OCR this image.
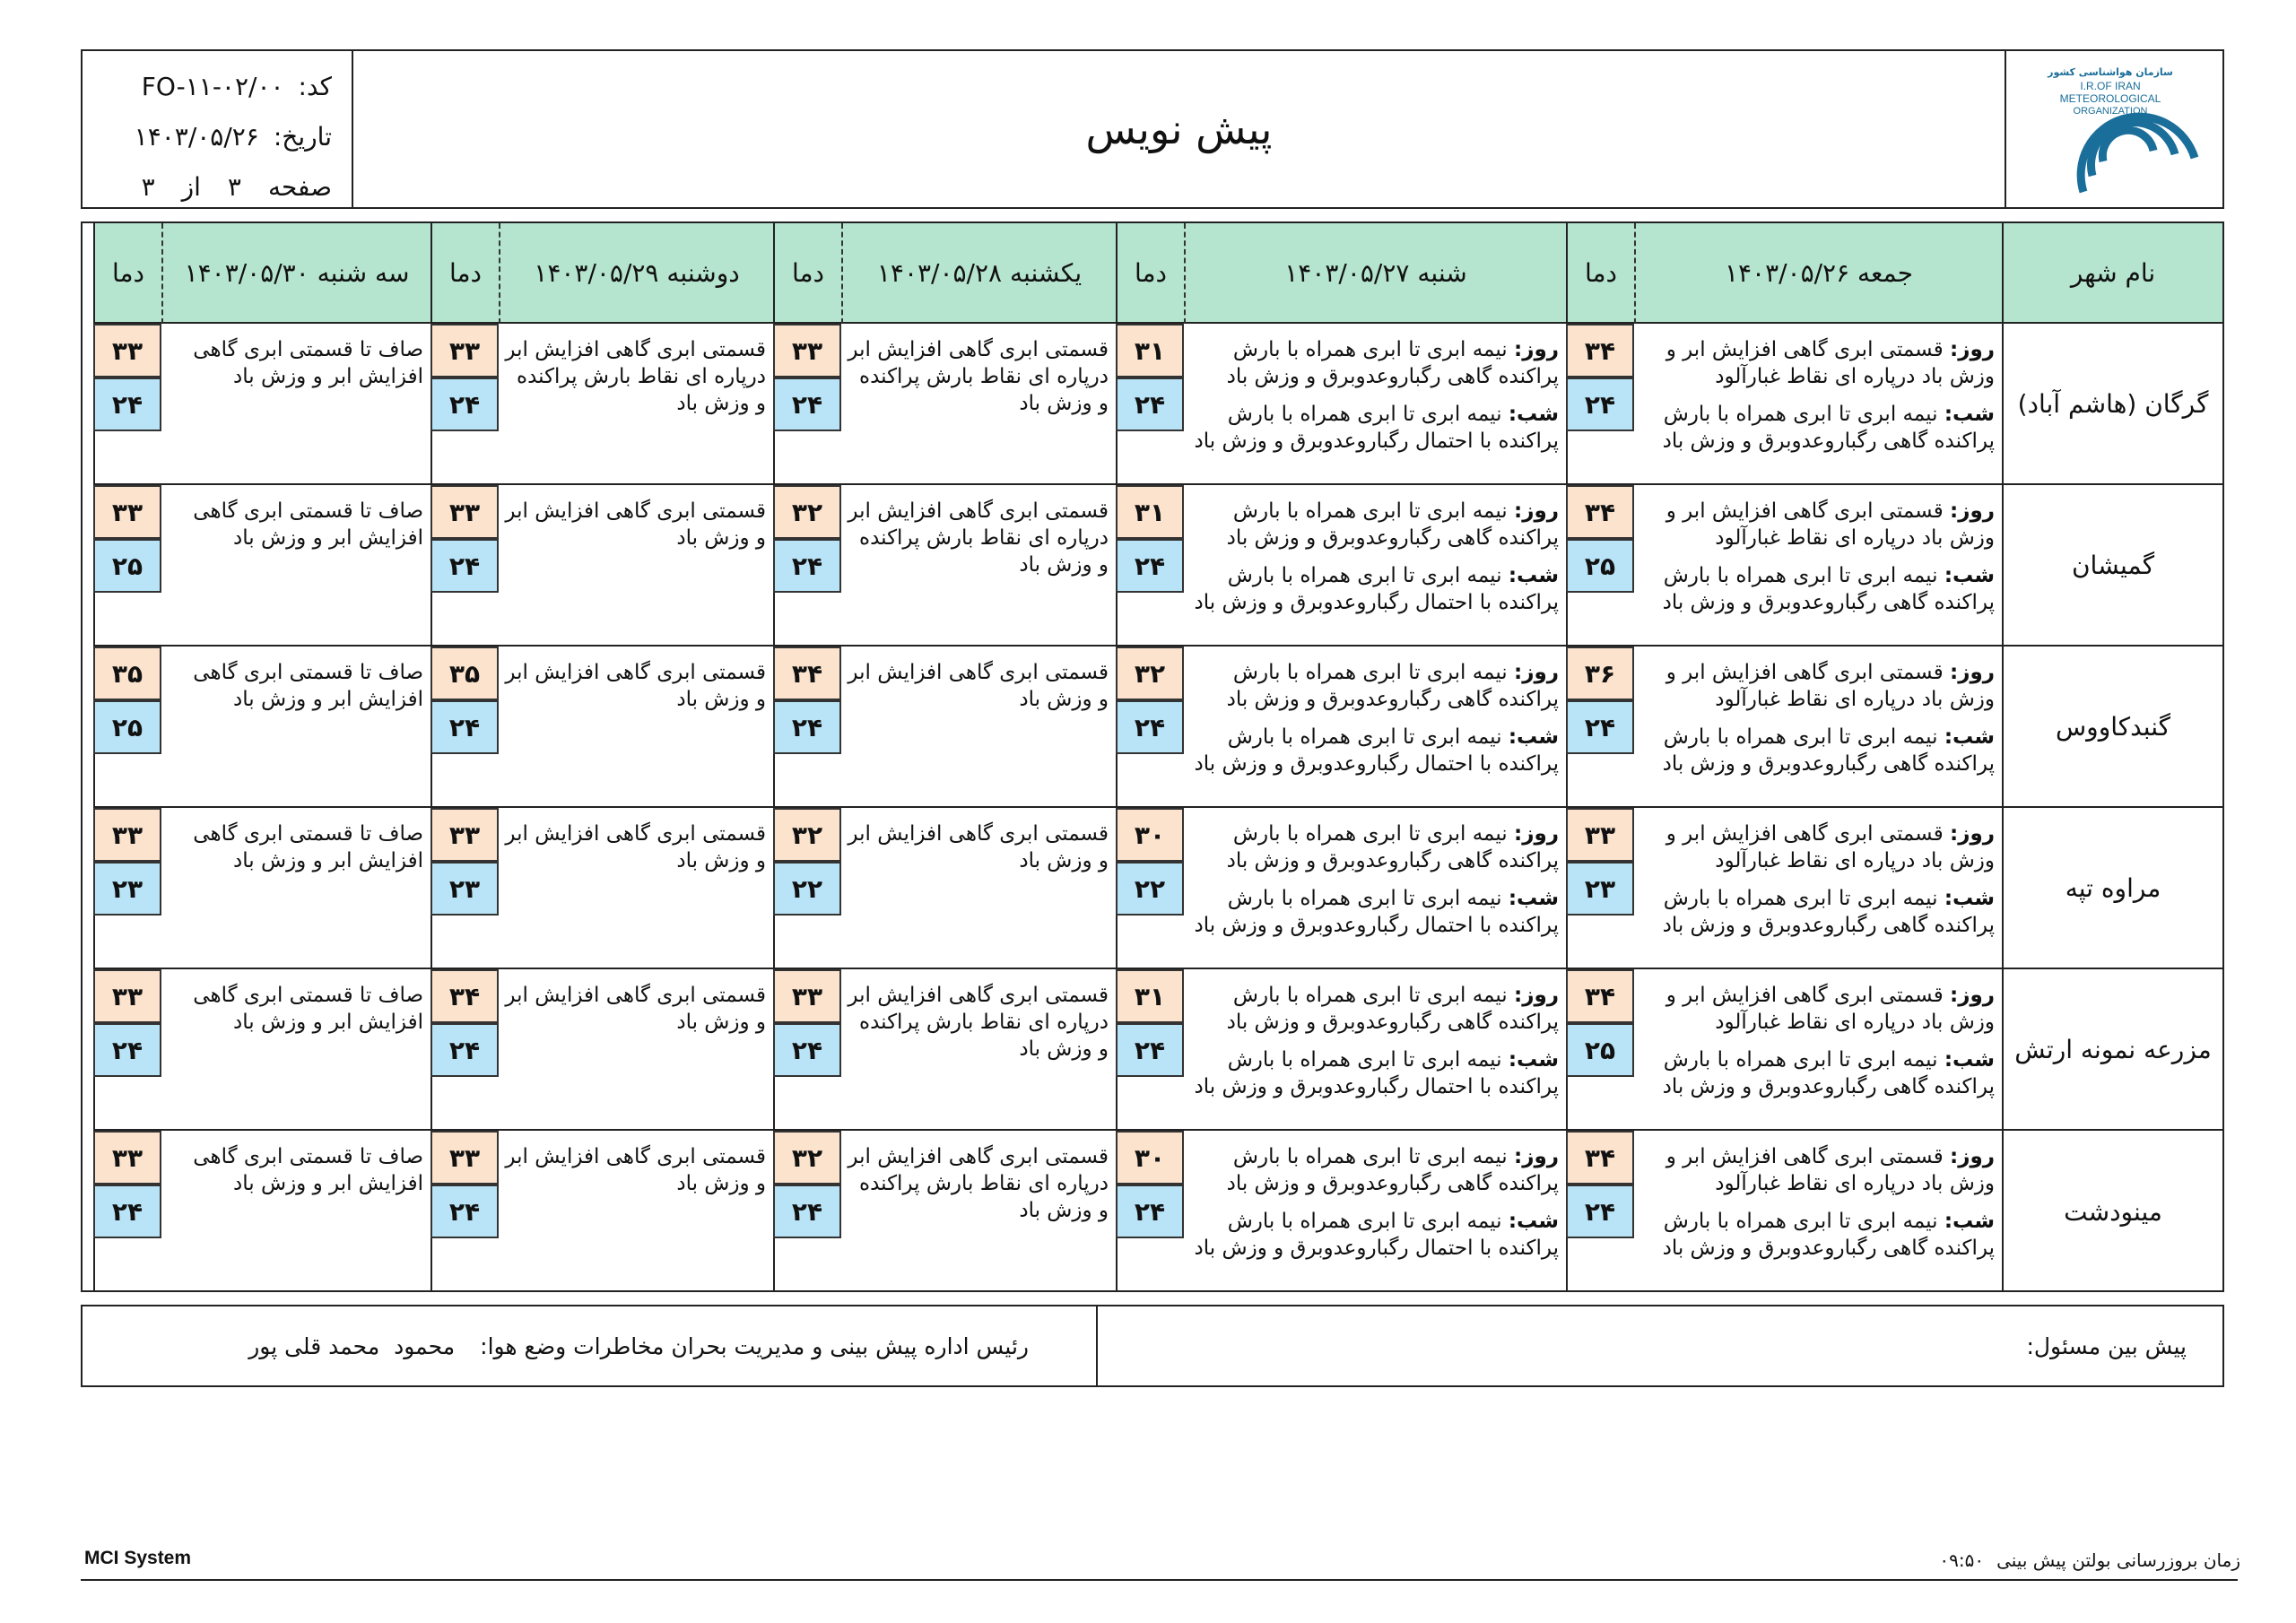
سازمان هواشناسی کشور
I.R.OF IRAN
METEOROLOGICAL
ORGANIZATION
پیش نویس
کد:
FO-۱۱-۰۲/۰۰
تاریخ:
۱۴۰۳/۰۵/۲۶
صفحه
۳
از
۳
نام شهر
جمعه ۱۴۰۳/۰۵/۲۶
دما
شنبه ۱۴۰۳/۰۵/۲۷
دما
یکشنبه ۱۴۰۳/۰۵/۲۸
دما
دوشنبه ۱۴۰۳/۰۵/۲۹
دما
سه شنبه ۱۴۰۳/۰۵/۳۰
دما
گرگان (هاشم آباد)
روز: قسمتی ابری گاهی افزایش ابر و وزش باد درپاره ای نقاط غبارآلود
شب: نیمه ابری تا ابری همراه با بارش پراکنده گاهی رگباروعدوبرق و وزش باد
۳۴
۲۴
روز: نیمه ابری تا ابری همراه با بارش پراکنده گاهی رگباروعدوبرق و وزش باد
شب: نیمه ابری تا ابری همراه با بارش پراکنده با احتمال رگباروعدوبرق و وزش باد
۳۱
۲۴
قسمتی ابری گاهی افزایش ابر درپاره ای نقاط بارش پراکنده و وزش باد
۳۳
۲۴
قسمتی ابری گاهی افزایش ابر درپاره ای نقاط بارش پراکنده و وزش باد
۳۳
۲۴
صاف تا قسمتی ابری گاهی افزایش ابر و وزش باد
۳۳
۲۴
گمیشان
روز: قسمتی ابری گاهی افزایش ابر و وزش باد درپاره ای نقاط غبارآلود
شب: نیمه ابری تا ابری همراه با بارش پراکنده گاهی رگباروعدوبرق و وزش باد
۳۴
۲۵
روز: نیمه ابری تا ابری همراه با بارش پراکنده گاهی رگباروعدوبرق و وزش باد
شب: نیمه ابری تا ابری همراه با بارش پراکنده با احتمال رگباروعدوبرق و وزش باد
۳۱
۲۴
قسمتی ابری گاهی افزایش ابر درپاره ای نقاط بارش پراکنده و وزش باد
۳۲
۲۴
قسمتی ابری گاهی افزایش ابر و وزش باد
۳۳
۲۴
صاف تا قسمتی ابری گاهی افزایش ابر و وزش باد
۳۳
۲۵
گنبدکاووس
روز: قسمتی ابری گاهی افزایش ابر و وزش باد درپاره ای نقاط غبارآلود
شب: نیمه ابری تا ابری همراه با بارش پراکنده گاهی رگباروعدوبرق و وزش باد
۳۶
۲۴
روز: نیمه ابری تا ابری همراه با بارش پراکنده گاهی رگباروعدوبرق و وزش باد
شب: نیمه ابری تا ابری همراه با بارش پراکنده با احتمال رگباروعدوبرق و وزش باد
۳۲
۲۴
قسمتی ابری گاهی افزایش ابر و وزش باد
۳۴
۲۴
قسمتی ابری گاهی افزایش ابر و وزش باد
۳۵
۲۴
صاف تا قسمتی ابری گاهی افزایش ابر و وزش باد
۳۵
۲۵
مراوه تپه
روز: قسمتی ابری گاهی افزایش ابر و وزش باد درپاره ای نقاط غبارآلود
شب: نیمه ابری تا ابری همراه با بارش پراکنده گاهی رگباروعدوبرق و وزش باد
۳۳
۲۳
روز: نیمه ابری تا ابری همراه با بارش پراکنده گاهی رگباروعدوبرق و وزش باد
شب: نیمه ابری تا ابری همراه با بارش پراکنده با احتمال رگباروعدوبرق و وزش باد
۳۰
۲۲
قسمتی ابری گاهی افزایش ابر و وزش باد
۳۲
۲۲
قسمتی ابری گاهی افزایش ابر و وزش باد
۳۳
۲۳
صاف تا قسمتی ابری گاهی افزایش ابر و وزش باد
۳۳
۲۳
مزرعه نمونه ارتش
روز: قسمتی ابری گاهی افزایش ابر و وزش باد درپاره ای نقاط غبارآلود
شب: نیمه ابری تا ابری همراه با بارش پراکنده گاهی رگباروعدوبرق و وزش باد
۳۴
۲۵
روز: نیمه ابری تا ابری همراه با بارش پراکنده گاهی رگباروعدوبرق و وزش باد
شب: نیمه ابری تا ابری همراه با بارش پراکنده با احتمال رگباروعدوبرق و وزش باد
۳۱
۲۴
قسمتی ابری گاهی افزایش ابر درپاره ای نقاط بارش پراکنده و وزش باد
۳۳
۲۴
قسمتی ابری گاهی افزایش ابر و وزش باد
۳۴
۲۴
صاف تا قسمتی ابری گاهی افزایش ابر و وزش باد
۳۳
۲۴
مینودشت
روز: قسمتی ابری گاهی افزایش ابر و وزش باد درپاره ای نقاط غبارآلود
شب: نیمه ابری تا ابری همراه با بارش پراکنده گاهی رگباروعدوبرق و وزش باد
۳۴
۲۴
روز: نیمه ابری تا ابری همراه با بارش پراکنده گاهی رگباروعدوبرق و وزش باد
شب: نیمه ابری تا ابری همراه با بارش پراکنده با احتمال رگباروعدوبرق و وزش باد
۳۰
۲۴
قسمتی ابری گاهی افزایش ابر درپاره ای نقاط بارش پراکنده و وزش باد
۳۲
۲۴
قسمتی ابری گاهی افزایش ابر و وزش باد
۳۳
۲۴
صاف تا قسمتی ابری گاهی افزایش ابر و وزش باد
۳۳
۲۴
پیش بین مسئول:
رئیس اداره پیش بینی و مدیریت بحران مخاطرات وضع هوا:
محمود  محمد قلی پور
MCI System	زمان بروزرسانی بولتن پیش بینی
۰۹:۵۰
